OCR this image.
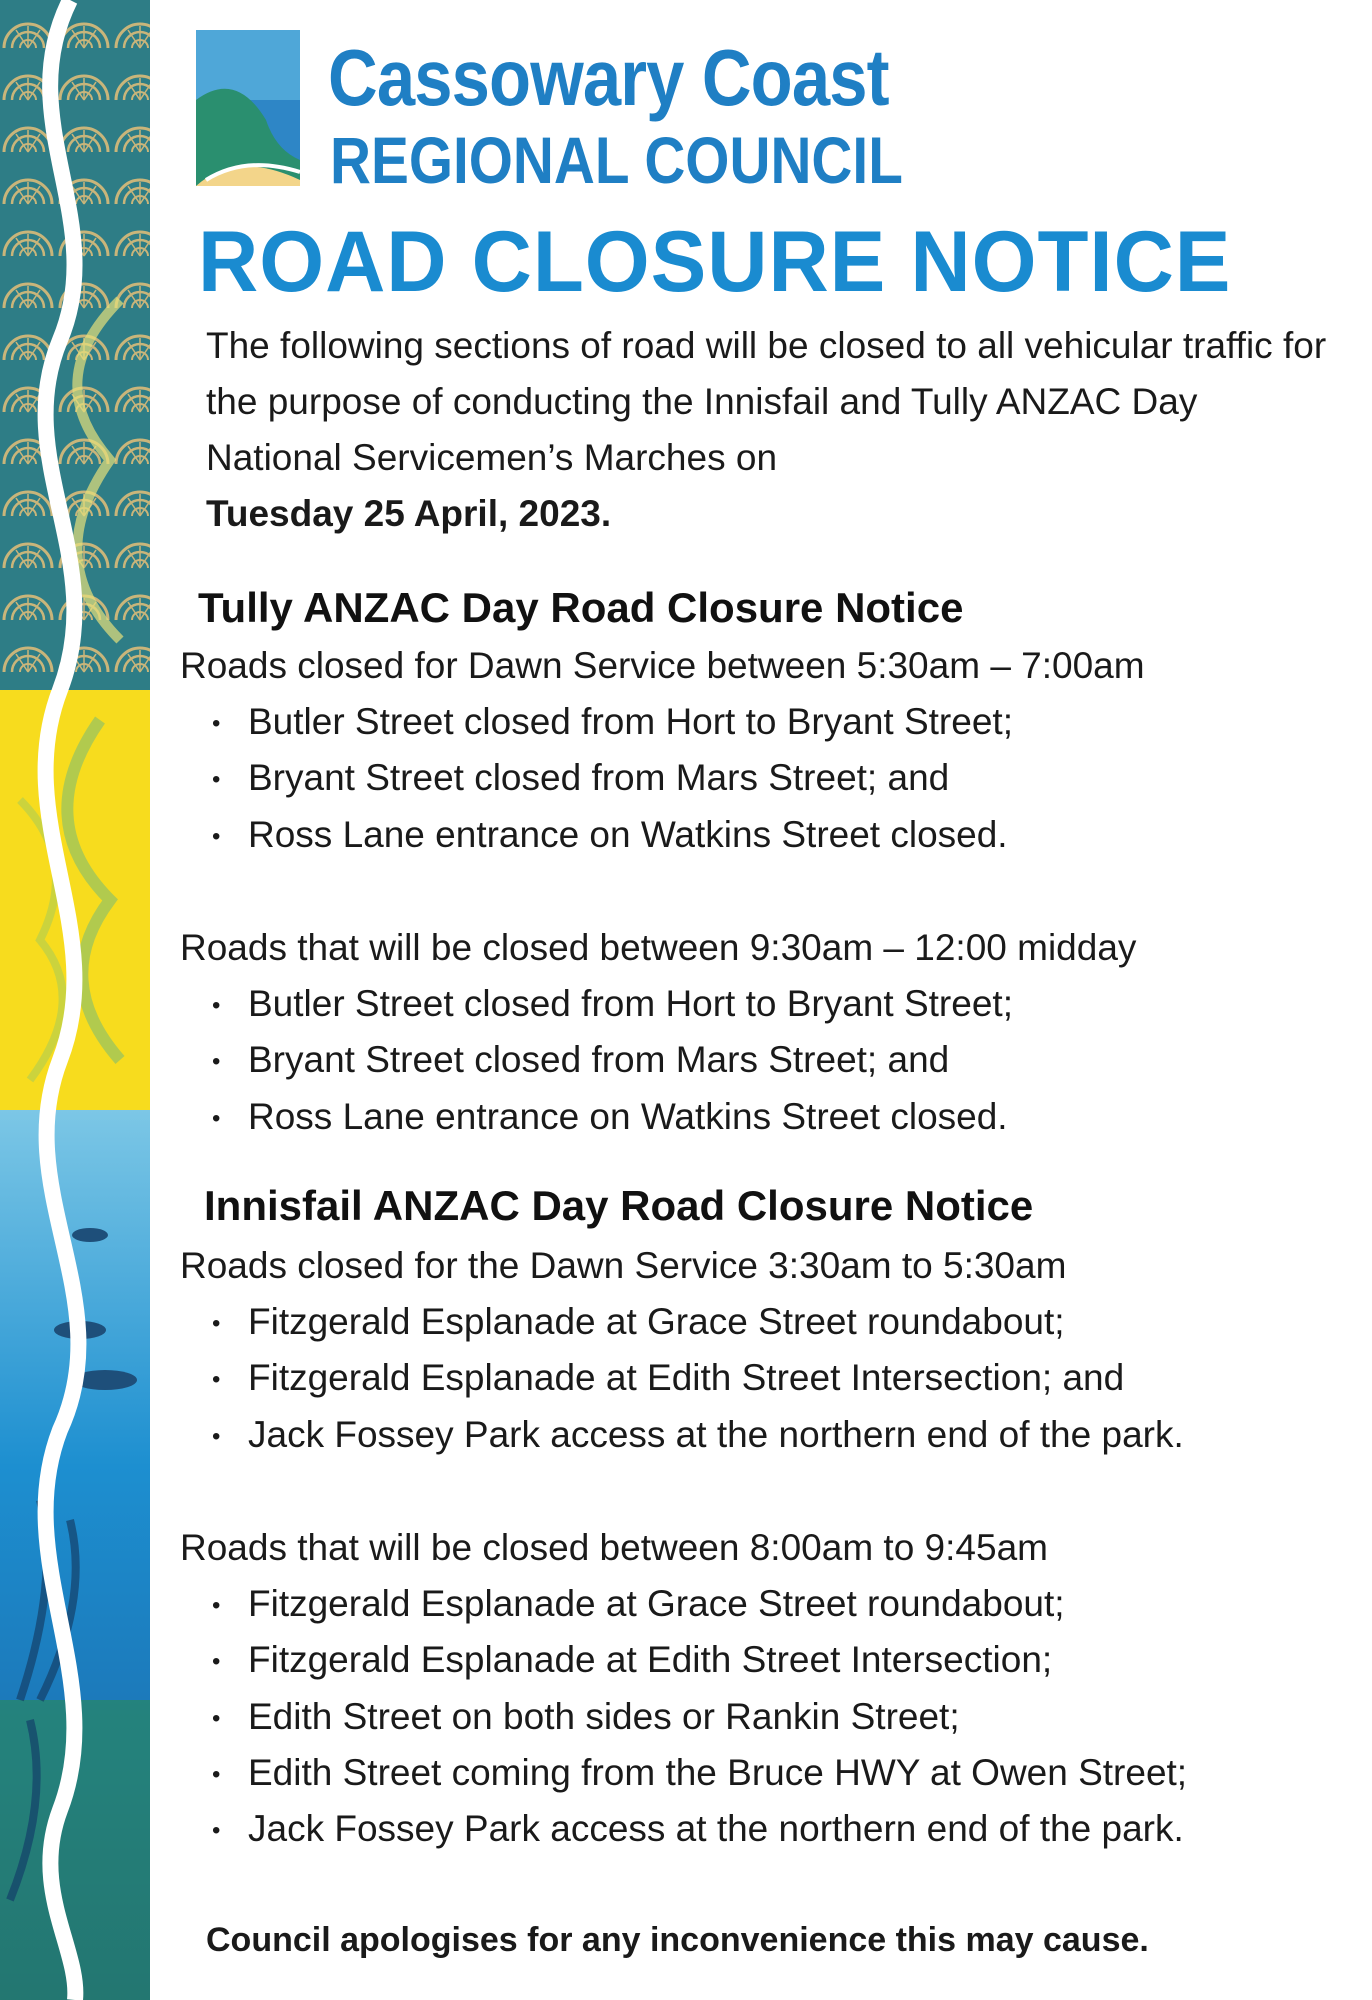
Cassowary Coast
REGIONAL COUNCIL
ROAD CLOSURE NOTICE
The following sections of road will be closed to all vehicular traffic for the purpose of conducting the Innisfail and Tully ANZAC Day National Servicemen’s Marches on
Tuesday 25 April, 2023.
Tully ANZAC Day Road Closure Notice
Roads closed for Dawn Service between 5:30am – 7:00am
• Butler Street closed from Hort to Bryant Street;
• Bryant Street closed from Mars Street; and
• Ross Lane entrance on Watkins Street closed.
Roads that will be closed between 9:30am – 12:00 midday
• Butler Street closed from Hort to Bryant Street;
• Bryant Street closed from Mars Street; and
• Ross Lane entrance on Watkins Street closed.
Innisfail ANZAC Day Road Closure Notice
Roads closed for the Dawn Service 3:30am to 5:30am
• Fitzgerald Esplanade at Grace Street roundabout;
• Fitzgerald Esplanade at Edith Street Intersection; and
• Jack Fossey Park access at the northern end of the park.
Roads that will be closed between 8:00am to 9:45am
• Fitzgerald Esplanade at Grace Street roundabout;
• Fitzgerald Esplanade at Edith Street Intersection;
• Edith Street on both sides or Rankin Street;
• Edith Street coming from the Bruce HWY at Owen Street;
• Jack Fossey Park access at the northern end of the park.
Council apologises for any inconvenience this may cause.
